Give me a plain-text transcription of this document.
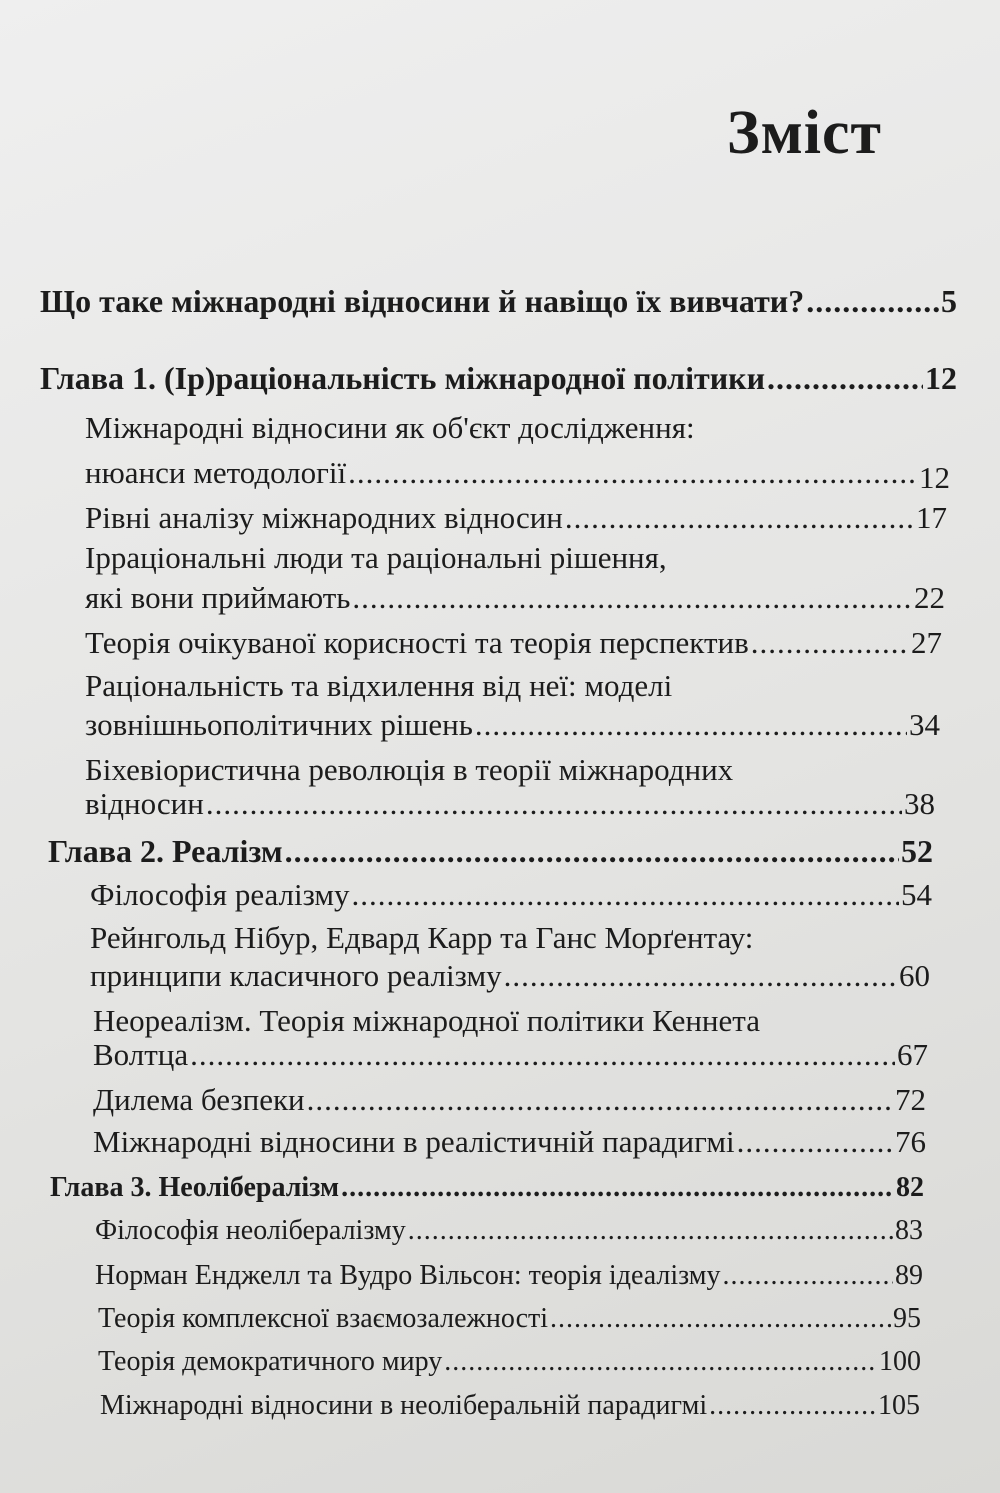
Зміст
Що таке міжнародні відносини й навіщо їх вивчати? .....	5
Глава 1. (Ір)раціональність міжнародної політики .....	12
Міжнародні відносини як об'єкт дослідження:
нюанси методології .....	12
Рівні аналізу міжнародних відносин .....	17
Ірраціональні люди та раціональні рішення,
які вони приймають .....	22
Теорія очікуваної корисності та теорія перспектив .....	27
Раціональність та відхилення від неї: моделі
зовнішньополітичних рішень .....	34
Біхевіористична революція в теорії міжнародних
відносин .....	38
Глава 2. Реалізм .....	52
Філософія реалізму .....	54
Рейнгольд Нібур, Едвард Карр та Ганс Морґентау:
принципи класичного реалізму .....	60
Неореалізм. Теорія міжнародної політики Кеннета
Волтца .....	67
Дилема безпеки .....	72
Міжнародні відносини в реалістичній парадигмі .....	76
Глава 3. Неолібералізм .....	82
Філософія неолібералізму .....	83
Норман Енджелл та Вудро Вільсон: теорія ідеалізму .....	89
Теорія комплексної взаємозалежності .....	95
Теорія демократичного миру .....	100
Міжнародні відносини в неоліберальній парадигмі .....	105
